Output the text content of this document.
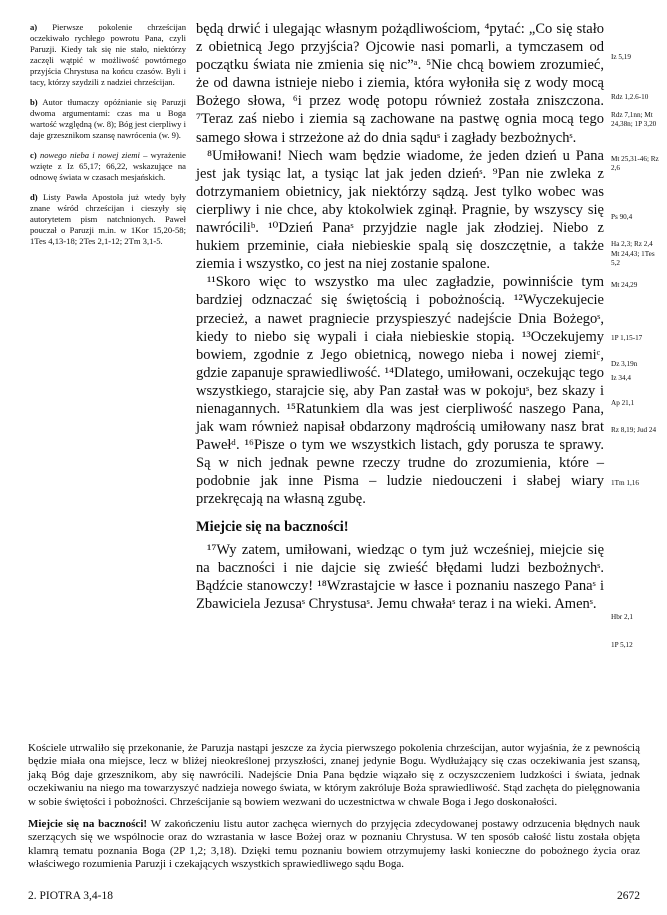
a) Pierwsze pokolenie chrześcijan oczekiwało rychłego powrotu Pana, czyli Paruzji. Kiedy tak się nie stało, niektórzy zaczęli wątpić w możliwość powtórnego przyjścia Chrystusa na końcu czasów. Byli i tacy, którzy szydzili z nadziei chrześcijan.

b) Autor tłumaczy opóźnianie się Paruzji dwoma argumentami: czas ma u Boga wartość względną (w. 8); Bóg jest cierpliwy i daje grzesznikom szansę nawrócenia (w. 9).

c) nowego nieba i nowej ziemi – wyrażenie wzięte z Iz 65,17; 66,22, wskazujące na odnowę świata w czasach mesjańskich.

d) Listy Pawła Apostoła już wtedy były znane wśród chrześcijan i cieszyły się autorytetem pism natchnionych. Paweł pouczał o Paruzji m.in. w 1Kor 15,20-58; 1Tes 4,13-18; 2Tes 2,1-12; 2Tm 3,1-5.

będą drwić i ulegając własnym pożądliwościom, ⁴pytać: „Co się stało z obietnicą Jego przyjścia? Ojcowie nasi pomarli, a tymczasem od początku świata nie zmienia się nic”ᵃ. ⁵Nie chcą bowiem zrozumieć, że od dawna istnieje niebo i ziemia, która wyłoniła się z wody mocą Bożego słowa, ⁶i przez wodę potopu również została zniszczona. ⁷Teraz zaś niebo i ziemia są zachowane na pastwę ognia mocą tego samego słowa i strzeżone aż do dnia sąduˢ i zagłady bezbożnychˢ.

⁸Umiłowani! Niech wam będzie wiadome, że jeden dzień u Pana jest jak tysiąc lat, a tysiąc lat jak jeden dzieńˢ. ⁹Pan nie zwleka z dotrzymaniem obietnicy, jak niektórzy sądzą. Jest tylko wobec was cierpliwy i nie chce, aby ktokolwiek zginął. Pragnie, by wszyscy się nawróciliᵇ. ¹⁰Dzień Panaˢ przyjdzie nagle jak złodziej. Niebo z hukiem przeminie, ciała niebieskie spalą się doszczętnie, a także ziemia i wszystko, co jest na niej zostanie spalone.

¹¹Skoro więc to wszystko ma ulec zagładzie, powinniście tym bardziej odznaczać się świętością i pobożnością. ¹²Wyczekujecie przecież, a nawet pragniecie przyspieszyć nadejście Dnia Bożegoˢ, kiedy to niebo się wypali i ciała niebieskie stopią. ¹³Oczekujemy bowiem, zgodnie z Jego obietnicą, nowego nieba i nowej ziemiᶜ, gdzie zapanuje sprawiedliwość. ¹⁴Dlatego, umiłowani, oczekując tego wszystkiego, starajcie się, aby Pan zastał was w pokojuˢ, bez skazy i nienagannych. ¹⁵Ratunkiem dla was jest cierpliwość naszego Pana, jak wam również napisał obdarzony mądrością umiłowany nasz brat Pawełᵈ. ¹⁶Pisze o tym we wszystkich listach, gdy porusza te sprawy. Są w nich jednak pewne rzeczy trudne do zrozumienia, które – podobnie jak inne Pisma – ludzie niedouczeni i słabej wiary przekręcają na własną zgubę.

Miejcie się na baczności!

¹⁷Wy zatem, umiłowani, wiedząc o tym już wcześniej, miejcie się na baczności i nie dajcie się zwieść błędami ludzi bezbożnychˢ. Bądźcie stanowczy! ¹⁸Wzrastajcie w łasce i poznaniu naszego Panaˢ i Zbawiciela Jezusaˢ Chrystusaˢ. Jemu chwałaˢ teraz i na wieki. Amenˢ.

Iz 5,19
Rdz 1,2.6-10
Rdz 7,1nn; Mt 24,38n; 1P 3,20
Mt 25,31-46; Rz 2,6
Ps 90,4
Ha 2,3; Rz 2,4
Mt 24,43; 1Tes 5,2
Mt 24,29
1P 1,15-17
Dz 3,19n
Iz 34,4
Ap 21,1
Rz 8,19; Jud 24
1Tm 1,16
Hbr 2,1
1P 5,12

Kościele utrwaliło się przekonanie, że Paruzja nastąpi jeszcze za życia pierwszego pokolenia chrześcijan, autor wyjaśnia, że z pewnością będzie miała ona miejsce, lecz w bliżej nieokreślonej przyszłości, znanej jedynie Bogu. Wydłużający się czas oczekiwania jest szansą, jaką Bóg daje grzesznikom, aby się nawrócili. Nadejście Dnia Pana będzie wiązało się z oczyszczeniem ludzkości i świata, jednak oczekiwaniu na niego ma towarzyszyć nadzieja nowego świata, w którym zakróluje Boża sprawiedliwość. Stąd zachęta do pielęgnowania w sobie świętości i pobożności. Chrześcijanie są bowiem wezwani do uczestnictwa w chwale Boga i Jego doskonałości.

Miejcie się na baczności! W zakończeniu listu autor zachęca wiernych do przyjęcia zdecydowanej postawy odrzucenia błędnych nauk szerzących się we wspólnocie oraz do wzrastania w łasce Bożej oraz w poznaniu Chrystusa. W ten sposób całość listu została objęta klamrą tematu poznania Boga (2P 1,2; 3,18). Dzięki temu poznaniu bowiem otrzymujemy łaski konieczne do pobożnego życia oraz właściwego rozumienia Paruzji i czekających wszystkich sprawiedliwego sądu Boga.

2. PIOTRA 3,4-18	2672
